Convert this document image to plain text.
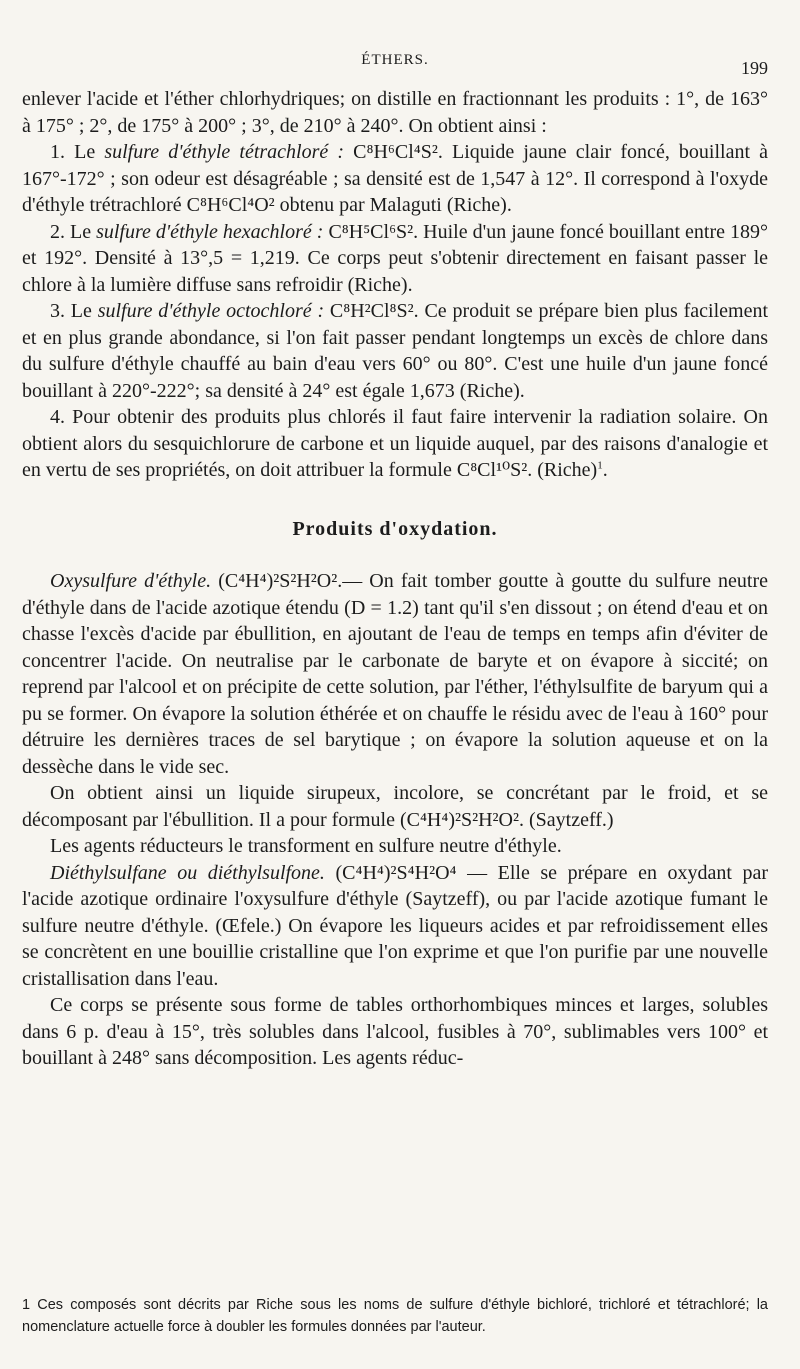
ÉTHERS.	199

enlever l'acide et l'éther chlorhydriques; on distille en fractionnant les produits : 1°, de 163° à 175° ; 2°, de 175° à 200° ; 3°, de 210° à 240°. On obtient ainsi :

1. Le sulfure d'éthyle tétrachloré : C⁸H⁶Cl⁴S². Liquide jaune clair foncé, bouillant à 167°-172° ; son odeur est désagréable ; sa densité est de 1,547 à 12°. Il correspond à l'oxyde d'éthyle trétrachloré C⁸H⁶Cl⁴O² obtenu par Malaguti (Riche).

2. Le sulfure d'éthyle hexachloré : C⁸H⁵Cl⁶S². Huile d'un jaune foncé bouillant entre 189° et 192°. Densité à 13°,5 = 1,219. Ce corps peut s'obtenir directement en faisant passer le chlore à la lumière diffuse sans refroidir (Riche).

3. Le sulfure d'éthyle octochloré : C⁸H²Cl⁸S². Ce produit se prépare bien plus facilement et en plus grande abondance, si l'on fait passer pendant longtemps un excès de chlore dans du sulfure d'éthyle chauffé au bain d'eau vers 60° ou 80°. C'est une huile d'un jaune foncé bouillant à 220°-222°; sa densité à 24° est égale 1,673 (Riche).

4. Pour obtenir des produits plus chlorés il faut faire intervenir la radiation solaire. On obtient alors du sesquichlorure de carbone et un liquide auquel, par des raisons d'analogie et en vertu de ses propriétés, on doit attribuer la formule C⁸Cl¹⁰S². (Riche)$^1$.

Produits d'oxydation.

Oxysulfure d'éthyle. (C⁴H⁴)²S²H²O².— On fait tomber goutte à goutte du sulfure neutre d'éthyle dans de l'acide azotique étendu (D = 1.2) tant qu'il s'en dissout ; on étend d'eau et on chasse l'excès d'acide par ébullition, en ajoutant de l'eau de temps en temps afin d'éviter de concentrer l'acide. On neutralise par le carbonate de baryte et on évapore à siccité; on reprend par l'alcool et on précipite de cette solution, par l'éther, l'éthylsulfite de baryum qui a pu se former. On évapore la solution éthérée et on chauffe le résidu avec de l'eau à 160° pour détruire les dernières traces de sel barytique ; on évapore la solution aqueuse et on la dessèche dans le vide sec.

On obtient ainsi un liquide sirupeux, incolore, se concrétant par le froid, et se décomposant par l'ébullition. Il a pour formule (C⁴H⁴)²S²H²O². (Saytzeff.)

Les agents réducteurs le transforment en sulfure neutre d'éthyle.

Diéthylsulfane ou diéthylsulfone. (C⁴H⁴)²S⁴H²O⁴ — Elle se prépare en oxydant par l'acide azotique ordinaire l'oxysulfure d'éthyle (Saytzeff), ou par l'acide azotique fumant le sulfure neutre d'éthyle. (Œfele.) On évapore les liqueurs acides et par refroidissement elles se concrètent en une bouillie cristalline que l'on exprime et que l'on purifie par une nouvelle cristallisation dans l'eau.

Ce corps se présente sous forme de tables orthorhombiques minces et larges, solubles dans 6 p. d'eau à 15°, très solubles dans l'alcool, fusibles à 70°, sublimables vers 100° et bouillant à 248° sans décomposition. Les agents réduc-

1 Ces composés sont décrits par Riche sous les noms de sulfure d'éthyle bichloré, trichloré et tétrachloré; la nomenclature actuelle force à doubler les formules données par l'auteur.
